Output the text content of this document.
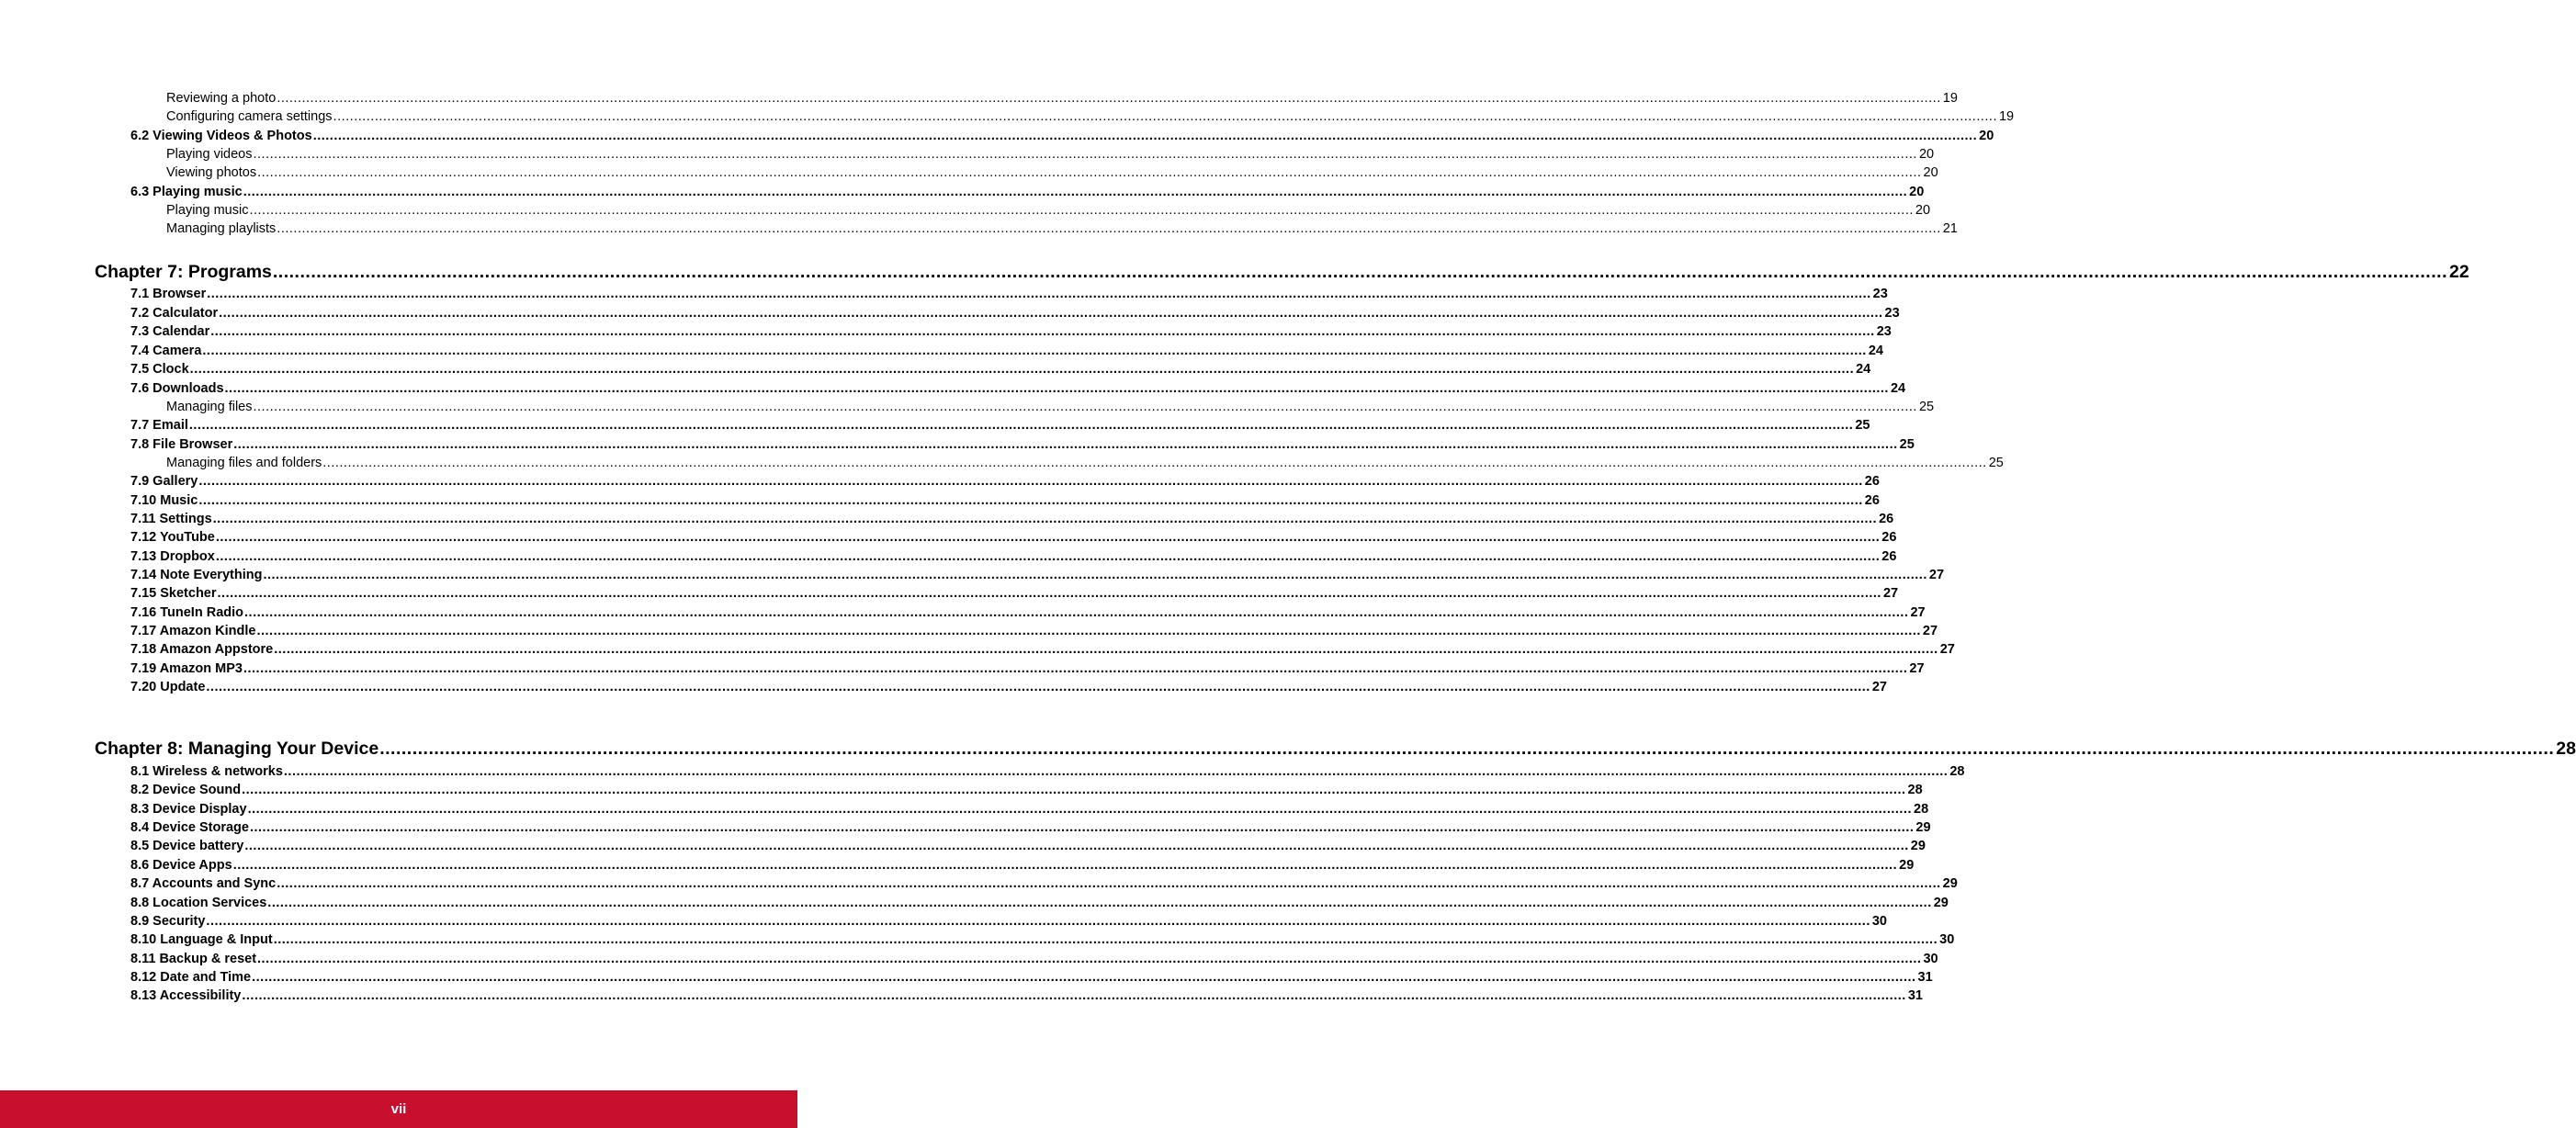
Reviewing a photo ................................................................................................................................................................................................................................................................................................................................................................................................................ 19
Configuring camera settings ................................................................................................................................................................................................................................................................................................................................................................................................................ 19
6.2 Viewing Videos & Photos ................................................................................................................................................................................................................................................................................................................................................................................................................ 20
Playing videos ................................................................................................................................................................................................................................................................................................................................................................................................................ 20
Viewing photos ................................................................................................................................................................................................................................................................................................................................................................................................................ 20
6.3 Playing music ................................................................................................................................................................................................................................................................................................................................................................................................................ 20
Playing music ................................................................................................................................................................................................................................................................................................................................................................................................................ 20
Managing playlists ................................................................................................................................................................................................................................................................................................................................................................................................................ 21
Chapter 7: Programs ................................................................................................................................................................................................................................................................................................................................................................................................................ 22
7.1 Browser ................................................................................................................................................................................................................................................................................................................................................................................................................ 23
7.2 Calculator ................................................................................................................................................................................................................................................................................................................................................................................................................ 23
7.3 Calendar ................................................................................................................................................................................................................................................................................................................................................................................................................ 23
7.4 Camera ................................................................................................................................................................................................................................................................................................................................................................................................................ 24
7.5 Clock ................................................................................................................................................................................................................................................................................................................................................................................................................ 24
7.6 Downloads ................................................................................................................................................................................................................................................................................................................................................................................................................ 24
Managing files ................................................................................................................................................................................................................................................................................................................................................................................................................ 25
7.7 Email ................................................................................................................................................................................................................................................................................................................................................................................................................ 25
7.8 File Browser ................................................................................................................................................................................................................................................................................................................................................................................................................ 25
Managing files and folders ................................................................................................................................................................................................................................................................................................................................................................................................................ 25
7.9 Gallery ................................................................................................................................................................................................................................................................................................................................................................................................................ 26
7.10 Music ................................................................................................................................................................................................................................................................................................................................................................................................................ 26
7.11 Settings ................................................................................................................................................................................................................................................................................................................................................................................................................ 26
7.12 YouTube ................................................................................................................................................................................................................................................................................................................................................................................................................ 26
7.13 Dropbox ................................................................................................................................................................................................................................................................................................................................................................................................................ 26
7.14 Note Everything ................................................................................................................................................................................................................................................................................................................................................................................................................ 27
7.15 Sketcher ................................................................................................................................................................................................................................................................................................................................................................................................................ 27
7.16 TuneIn Radio ................................................................................................................................................................................................................................................................................................................................................................................................................ 27
7.17 Amazon Kindle ................................................................................................................................................................................................................................................................................................................................................................................................................ 27
7.18 Amazon Appstore ................................................................................................................................................................................................................................................................................................................................................................................................................ 27
7.19 Amazon MP3 ................................................................................................................................................................................................................................................................................................................................................................................................................ 27
7.20 Update ................................................................................................................................................................................................................................................................................................................................................................................................................ 27
Chapter 8: Managing Your Device ................................................................................................................................................................................................................................................................................................................................................................................................................ 28
8.1 Wireless & networks ................................................................................................................................................................................................................................................................................................................................................................................................................ 28
8.2 Device Sound ................................................................................................................................................................................................................................................................................................................................................................................................................ 28
8.3 Device Display ................................................................................................................................................................................................................................................................................................................................................................................................................ 28
8.4 Device Storage ................................................................................................................................................................................................................................................................................................................................................................................................................ 29
8.5 Device battery ................................................................................................................................................................................................................................................................................................................................................................................................................ 29
8.6 Device Apps ................................................................................................................................................................................................................................................................................................................................................................................................................ 29
8.7 Accounts and Sync ................................................................................................................................................................................................................................................................................................................................................................................................................ 29
8.8 Location Services ................................................................................................................................................................................................................................................................................................................................................................................................................ 29
8.9 Security ................................................................................................................................................................................................................................................................................................................................................................................................................ 30
8.10 Language & Input ................................................................................................................................................................................................................................................................................................................................................................................................................ 30
8.11 Backup & reset ................................................................................................................................................................................................................................................................................................................................................................................................................ 30
8.12 Date and Time ................................................................................................................................................................................................................................................................................................................................................................................................................ 31
8.13 Accessibility ................................................................................................................................................................................................................................................................................................................................................................................................................ 31
vii
